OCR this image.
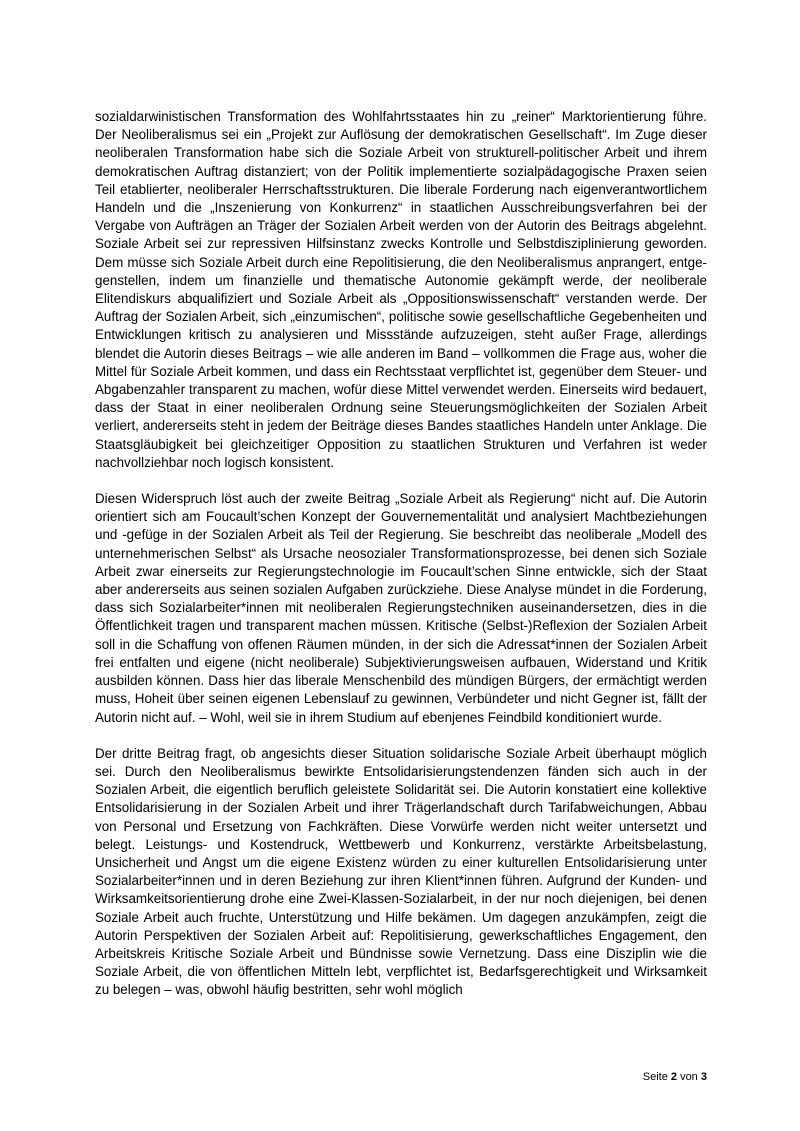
sozialdarwinistischen Transformation des Wohlfahrtsstaates hin zu „reiner“ Marktorientierung führe. Der Neoliberalismus sei ein „Projekt zur Auflösung der demokratischen Gesellschaft“. Im Zuge dieser neoliberalen Transformation habe sich die Soziale Arbeit von strukturell-politischer Arbeit und ihrem demokratischen Auftrag distanziert; von der Politik implementierte sozialpädagogische Praxen seien Teil etablierter, neoliberaler Herrschaftsstrukturen. Die liberale Forderung nach eigenverantwortlichem Handeln und die „Inszenierung von Konkurrenz“ in staatlichen Ausschreibungsverfahren bei der Vergabe von Aufträgen an Träger der Sozialen Arbeit werden von der Autorin des Beitrags abgelehnt. Soziale Arbeit sei zur repressiven Hilfsinstanz zwecks Kontrolle und Selbstdisziplinierung geworden. Dem müsse sich Soziale Arbeit durch eine Repolitisierung, die den Neoliberalismus anprangert, entgegenstellen, indem um finanzielle und thematische Autonomie gekämpft werde, der neoliberale Elitendiskurs abqualifiziert und Soziale Arbeit als „Oppositionswissenschaft“ verstanden werde. Der Auftrag der Sozialen Arbeit, sich „einzumischen“, politische sowie gesellschaftliche Gegebenheiten und Entwicklungen kritisch zu analysieren und Missstände aufzuzeigen, steht außer Frage, allerdings blendet die Autorin dieses Beitrags – wie alle anderen im Band – vollkommen die Frage aus, woher die Mittel für Soziale Arbeit kommen, und dass ein Rechtsstaat verpflichtet ist, gegenüber dem Steuer- und Abgabenzahler transparent zu machen, wofür diese Mittel verwendet werden. Einerseits wird bedauert, dass der Staat in einer neoliberalen Ordnung seine Steuerungsmöglichkeiten der Sozialen Arbeit verliert, andererseits steht in jedem der Beiträge dieses Bandes staatliches Handeln unter Anklage. Die Staatsgläubigkeit bei gleichzeitiger Opposition zu staatlichen Strukturen und Verfahren ist weder nachvollziehbar noch logisch konsistent.

Diesen Widerspruch löst auch der zweite Beitrag „Soziale Arbeit als Regierung“ nicht auf. Die Autorin orientiert sich am Foucault’schen Konzept der Gouvernementalität und analysiert Machtbeziehungen und -gefüge in der Sozialen Arbeit als Teil der Regierung. Sie beschreibt das neoliberale „Modell des unternehmerischen Selbst“ als Ursache neosozialer Transformationsprozesse, bei denen sich Soziale Arbeit zwar einerseits zur Regierungstechnologie im Foucault’schen Sinne entwickle, sich der Staat aber andererseits aus seinen sozialen Aufgaben zurückziehe. Diese Analyse mündet in die Forderung, dass sich Sozialarbeiter*innen mit neoliberalen Regierungstechniken auseinandersetzen, dies in die Öffentlichkeit tragen und transparent machen müssen. Kritische (Selbst-)Reflexion der Sozialen Arbeit soll in die Schaffung von offenen Räumen münden, in der sich die Adressat*innen der Sozialen Arbeit frei entfalten und eigene (nicht neoliberale) Subjektivierungsweisen aufbauen, Widerstand und Kritik ausbilden können. Dass hier das liberale Menschenbild des mündigen Bürgers, der ermächtigt werden muss, Hoheit über seinen eigenen Lebenslauf zu gewinnen, Verbündeter und nicht Gegner ist, fällt der Autorin nicht auf. – Wohl, weil sie in ihrem Studium auf ebenjenes Feindbild konditioniert wurde.

Der dritte Beitrag fragt, ob angesichts dieser Situation solidarische Soziale Arbeit überhaupt möglich sei. Durch den Neoliberalismus bewirkte Entsolidarisierungstendenzen fänden sich auch in der Sozialen Arbeit, die eigentlich beruflich geleistete Solidarität sei. Die Autorin konstatiert eine kollektive Entsolidarisierung in der Sozialen Arbeit und ihrer Trägerlandschaft durch Tarifabweichungen, Abbau von Personal und Ersetzung von Fachkräften. Diese Vorwürfe werden nicht weiter untersetzt und belegt. Leistungs- und Kostendruck, Wettbewerb und Konkurrenz, verstärkte Arbeitsbelastung, Unsicherheit und Angst um die eigene Existenz würden zu einer kulturellen Entsolidarisierung unter Sozialarbeiter*innen und in deren Beziehung zur ihren Klient*innen führen. Aufgrund der Kunden- und Wirksamkeitsorientierung drohe eine Zwei-Klassen-Sozialarbeit, in der nur noch diejenigen, bei denen Soziale Arbeit auch fruchte, Unterstützung und Hilfe bekämen. Um dagegen anzukämpfen, zeigt die Autorin Perspektiven der Sozialen Arbeit auf: Repolitisierung, gewerkschaftliches Engagement, den Arbeitskreis Kritische Soziale Arbeit und Bündnisse sowie Vernetzung. Dass eine Disziplin wie die Soziale Arbeit, die von öffentlichen Mitteln lebt, verpflichtet ist, Bedarfsgerechtigkeit und Wirksamkeit zu belegen – was, obwohl häufig bestritten, sehr wohl möglich

Seite 2 von 3
